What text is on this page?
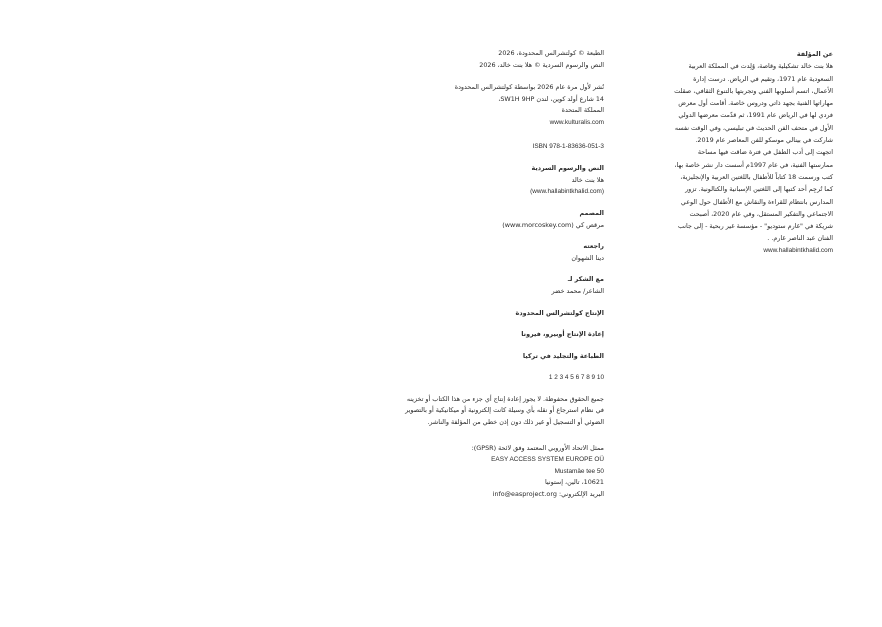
عن المؤلفة

هلا بنت خالد تشكيلية وقاصة، وُلِدت في المملكة العربية السعودية عام 1971، وتقيم في الرياض. درست إدارة الأعمال، اتسم أسلوبها الفني وتجربتها بالتنوع الثقافي، صقلت مهاراتها الفنية بجهد ذاتي ودروس خاصة. أقامت أول معرض فردي لها في الرياض عام 1991، ثم قدّمت معرضها الدولي الأول في متحف الفن الحديث في تبليسي، وفي الوقت نفسه شاركت في بينالي موسكو للفن المعاصر عام 2019.

اتجهت إلى أدب الطفل في فترة ضاقت فيها مساحة ممارستها الفنية، في عام 1997م أسست دار نشر خاصة بها، كتب ورسمت 18 كتاباً للأطفال باللغتين العربية والإنجليزية، كما تُرجِم أحد كتبها إلى اللغتين الإسبانية والكتالونية. تزور المدارس بانتظام للقراءة والنقاش مع الأطفال حول الوعي الاجتماعي والتفكير المستقل، وفي عام 2020، أصبحت شريكة في "غارم ستوديو" - مؤسسة غير ربحية - إلى جانب الفنان عبد الناصر غارم. .

www.hallabintkhalid.com

الطبعة © كولتشرالس المحدودة، 2026

النص والرسوم السردية © هلا بنت خالد، 2026

نُشر لأول مرة عام 2026 بواسطة كولتشرالس المحدودة

14 شارع أولد كوين، لندن SW1H 9HP،

المملكة المتحدة

www.kulturalis.com

ISBN 978-1-83636-051-3

النص والرسوم السردية

هلا بنت خالد

(www.hallabintkhalid.com)

المصمم

مرقص كي (www.morcoskey.com)

راجعته

دينا الشهوان

مع الشكر لـ

الشاعر/ محمد خضر

الإنتاج كولتشرالس المحدودة

إعادة الإنتاج أوبيرو، فيرونا

الطباعة والتجليد في تركيا

1 2 3 4 5 6 7 8 9 10

جميع الحقوق محفوظة. لا يجوز إعادة إنتاج أي جزء من هذا الكتاب أو تخزينه في نظام استرجاع أو نقله بأي وسيلة كانت إلكترونية أو ميكانيكية أو بالتصوير الضوئي أو التسجيل أو غير ذلك دون إذن خطي من المؤلفة والناشر.

ممثل الاتحاد الأوروبي المعتمد وفق لائحة (GPSR):

EASY ACCESS SYSTEM EUROPE OÜ

Mustamäe tee 50

10621، تالين، إستونيا

البريد الإلكتروني: info@easproject.org
